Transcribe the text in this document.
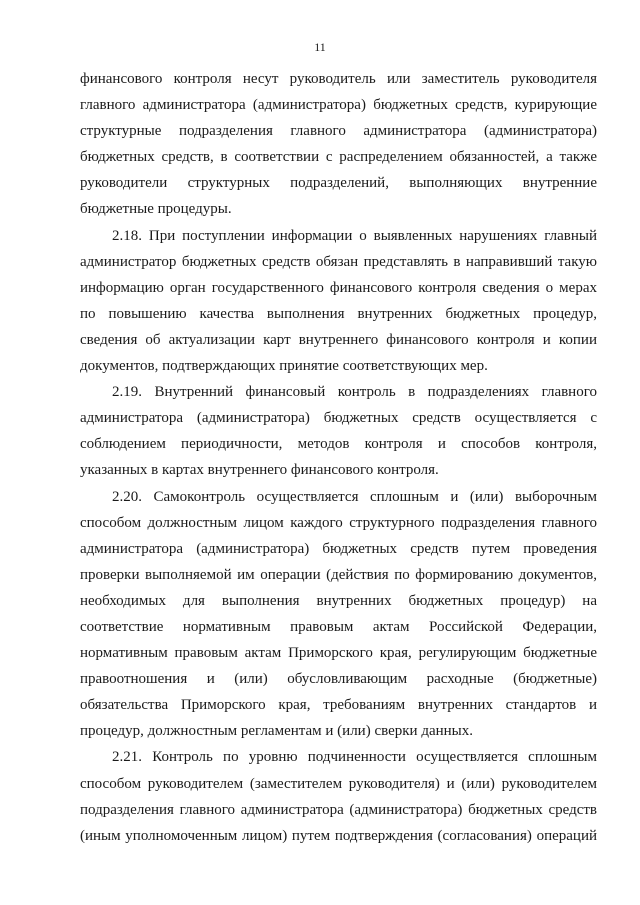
11
финансового контроля несут руководитель или заместитель руководителя
главного администратора (администратора) бюджетных средств, курирующие
структурные подразделения главного администратора (администратора)
бюджетных средств, в соответствии с распределением обязанностей, а также
руководители структурных подразделений, выполняющих внутренние
бюджетные процедуры.
2.18. При поступлении информации о выявленных нарушениях главный
администратор бюджетных средств обязан представлять в направивший такую
информацию орган государственного финансового контроля сведения о мерах
по повышению качества выполнения внутренних бюджетных процедур,
сведения об актуализации карт внутреннего финансового контроля и копии
документов, подтверждающих принятие соответствующих мер.
2.19. Внутренний финансовый контроль в подразделениях главного
администратора (администратора) бюджетных средств осуществляется с
соблюдением периодичности, методов контроля и способов контроля,
указанных в картах внутреннего финансового контроля.
2.20. Самоконтроль осуществляется сплошным и (или) выборочным
способом должностным лицом каждого структурного подразделения главного
администратора (администратора) бюджетных средств путем проведения
проверки выполняемой им операции (действия по формированию документов,
необходимых для выполнения внутренних бюджетных процедур) на
соответствие нормативным правовым актам Российской Федерации,
нормативным правовым актам Приморского края, регулирующим бюджетные
правоотношения и (или) обусловливающим расходные (бюджетные)
обязательства Приморского края, требованиям внутренних стандартов и
процедур, должностным регламентам и (или) сверки данных.
2.21. Контроль по уровню подчиненности осуществляется сплошным
способом руководителем (заместителем руководителя) и (или) руководителем
подразделения главного администратора (администратора) бюджетных средств
(иным уполномоченным лицом) путем подтверждения (согласования) операций
